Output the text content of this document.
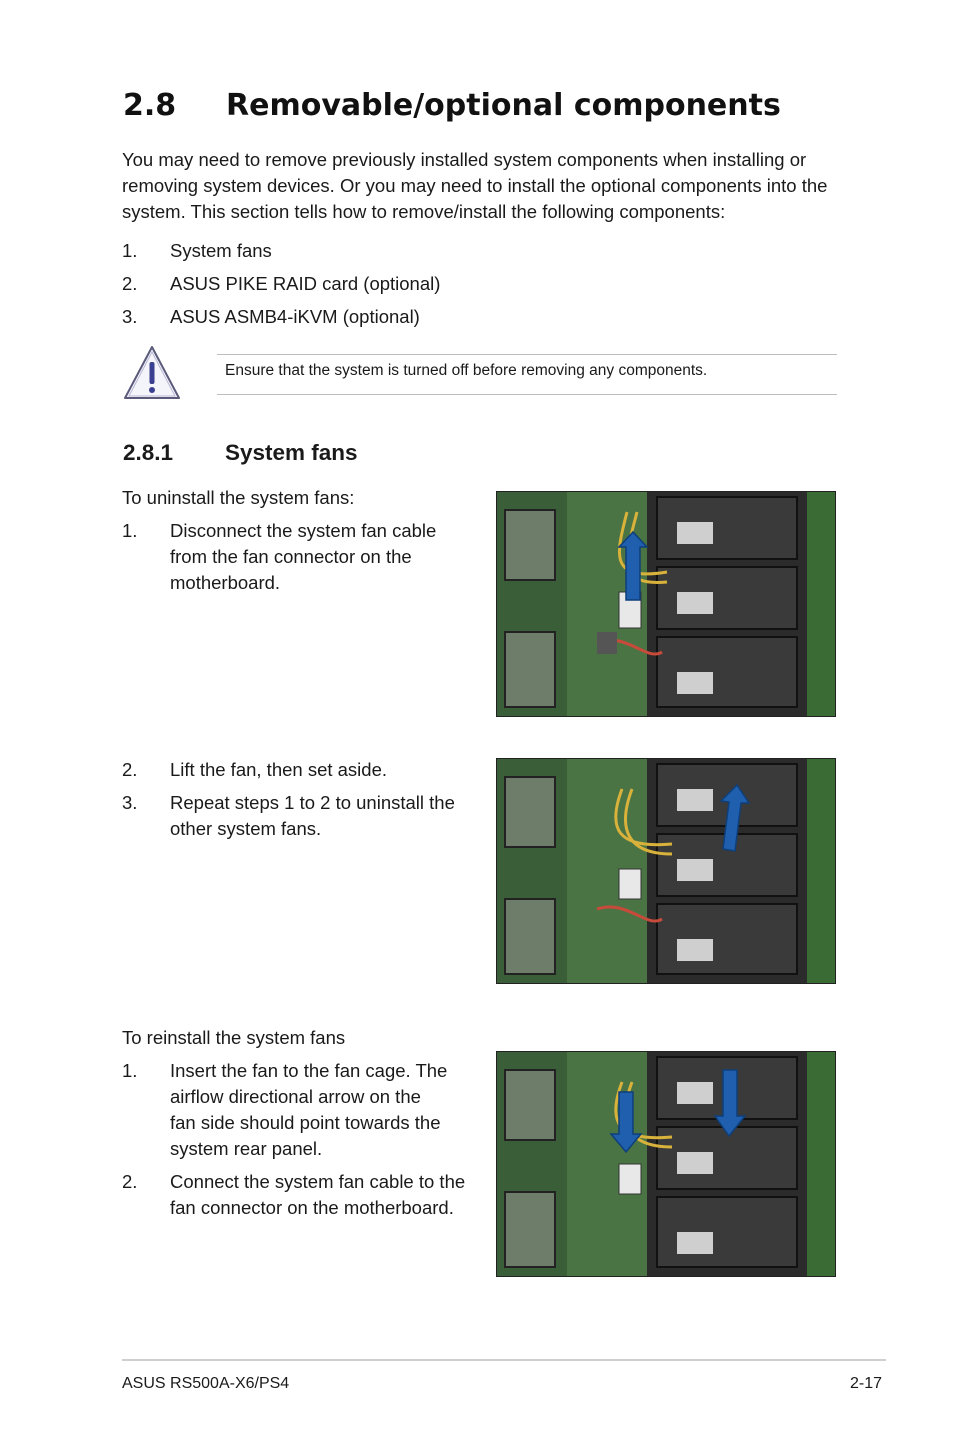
2.8 Removable/optional components
You may need to remove previously installed system components when installing or removing system devices. Or you may need to install the optional components into the system. This section tells how to remove/install the following components:
1. System fans
2. ASUS PIKE RAID card (optional)
3. ASUS ASMB4-iKVM (optional)
Ensure that the system is turned off before removing any components.
2.8.1 System fans
To uninstall the system fans:
1. Disconnect the system fan cable
from the fan connector on the
motherboard.
2. Lift the fan, then set aside.
3. Repeat steps 1 to 2 to uninstall the
other system fans.
To reinstall the system fans
1. Insert the fan to the fan cage. The
airflow directional arrow on the
fan side should point towards the
system rear panel.
2. Connect the system fan cable to the
fan connector on the motherboard.
ASUS RS500A-X6/PS4	2-17
